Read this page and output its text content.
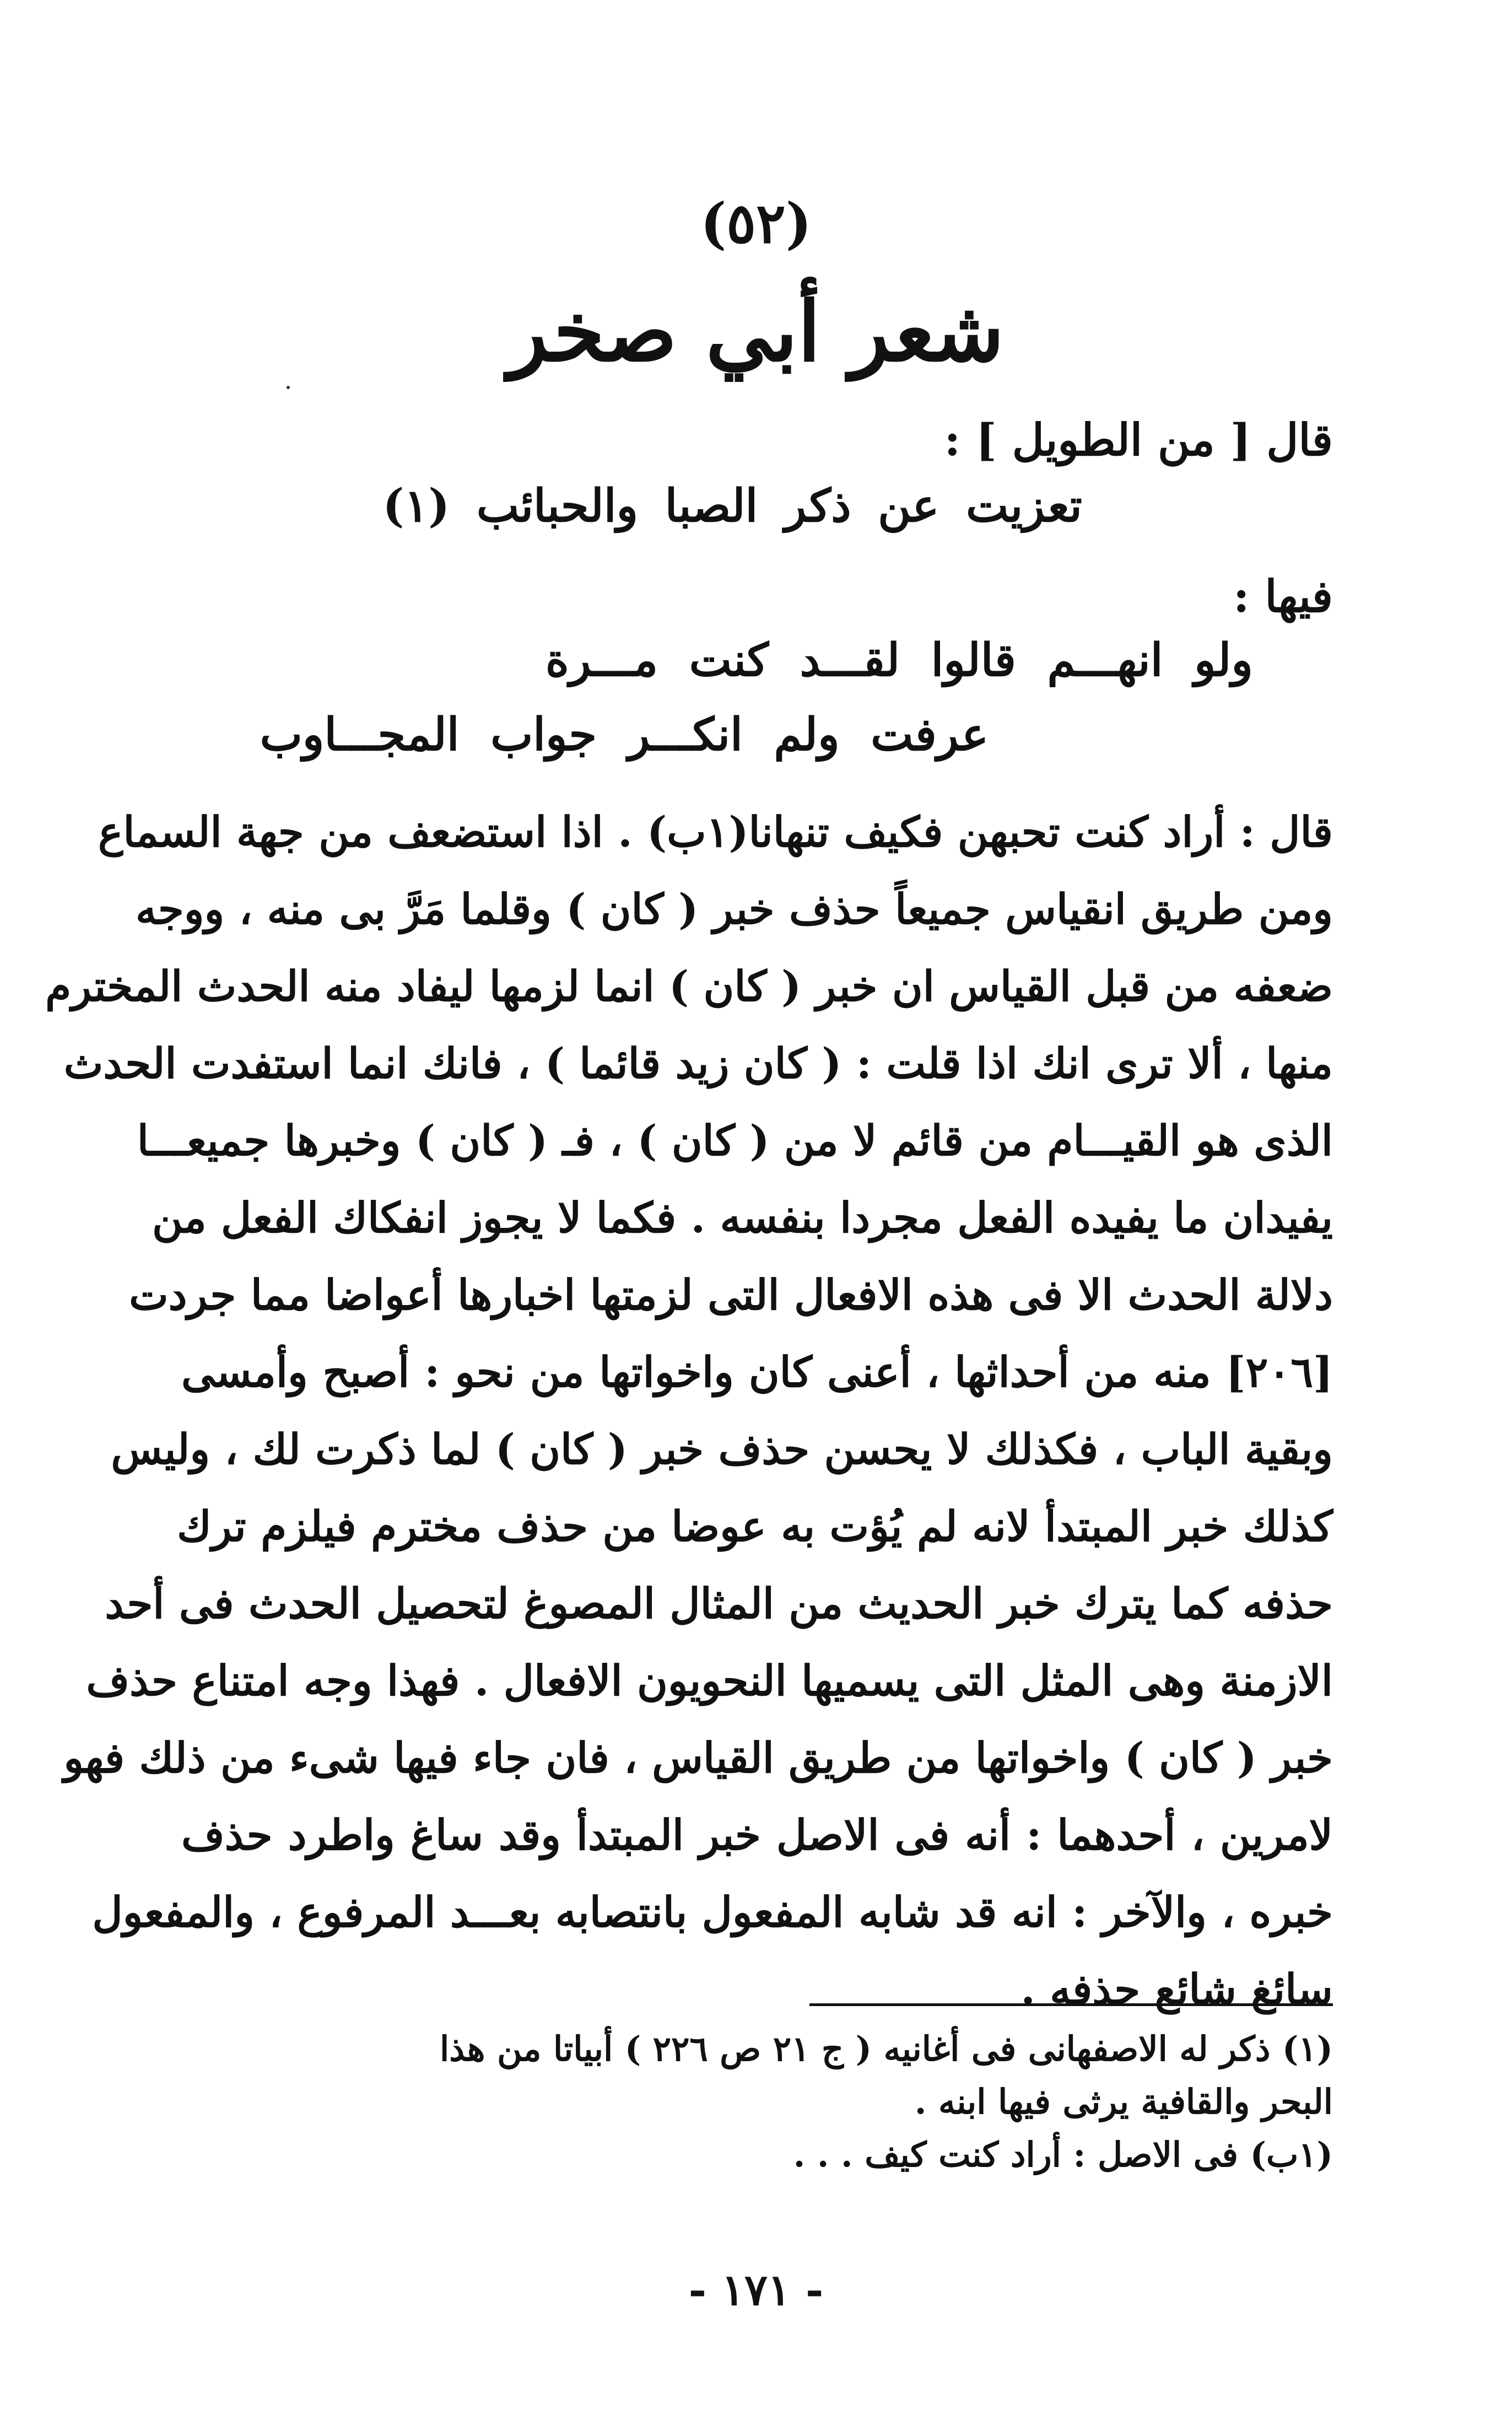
(٥٢)
شعر أبي صخر
قال [ من الطويل ] :
تعزيت عن ذكر الصبا والحبائب (١)
فيها :
ولو انهـــم قالوا لقـــد كنت مـــرة
عرفت ولم انكـــر جواب المجـــاوب
قال : أراد كنت تحبهن فكيف تنهانا(١ب) . اذا استضعف من جهة السماع
ومن طريق انقياس جميعاً حذف خبر ( كان ) وقلما مَرَّ بى منه ، ووجه
ضعفه من قبل القياس ان خبر ( كان ) انما لزمها ليفاد منه الحدث المخترم
منها ، ألا ترى انك اذا قلت : ( كان زيد قائما ) ، فانك انما استفدت الحدث
الذى هو القيـــام من قائم لا من ( كان ) ، فـ ( كان ) وخبرها جميعـــا
يفيدان ما يفيده الفعل مجردا بنفسه . فكما لا يجوز انفكاك الفعل من
دلالة الحدث الا فى هذه الافعال التى لزمتها اخبارها أعواضا مما جردت
[٢٠٦] منه من أحداثها ، أعنى كان واخواتها من نحو : أصبح وأمسى
وبقية الباب ، فكذلك لا يحسن حذف خبر ( كان ) لما ذكرت لك ، وليس
كذلك خبر المبتدأ لانه لم يُؤت به عوضا من حذف مخترم فيلزم ترك
حذفه كما يترك خبر الحديث من المثال المصوغ لتحصيل الحدث فى أحد
الازمنة وهى المثل التى يسميها النحويون الافعال . فهذا وجه امتناع حذف
خبر ( كان ) واخواتها من طريق القياس ، فان جاء فيها شىء من ذلك فهو
لامرين ، أحدهما : أنه فى الاصل خبر المبتدأ وقد ساغ واطرد حذف
خبره ، والآخر : انه قد شابه المفعول بانتصابه بعـــد المرفوع ، والمفعول
سائغ شائع حذفه .
(١) ذكر له الاصفهانى فى أغانيه ( ج ٢١ ص ٢٢٦ ) أبياتا من هذا
البحر والقافية يرثى فيها ابنه .
(١ب) فى الاصل : أراد كنت كيف . . .
- ١٧١ -
